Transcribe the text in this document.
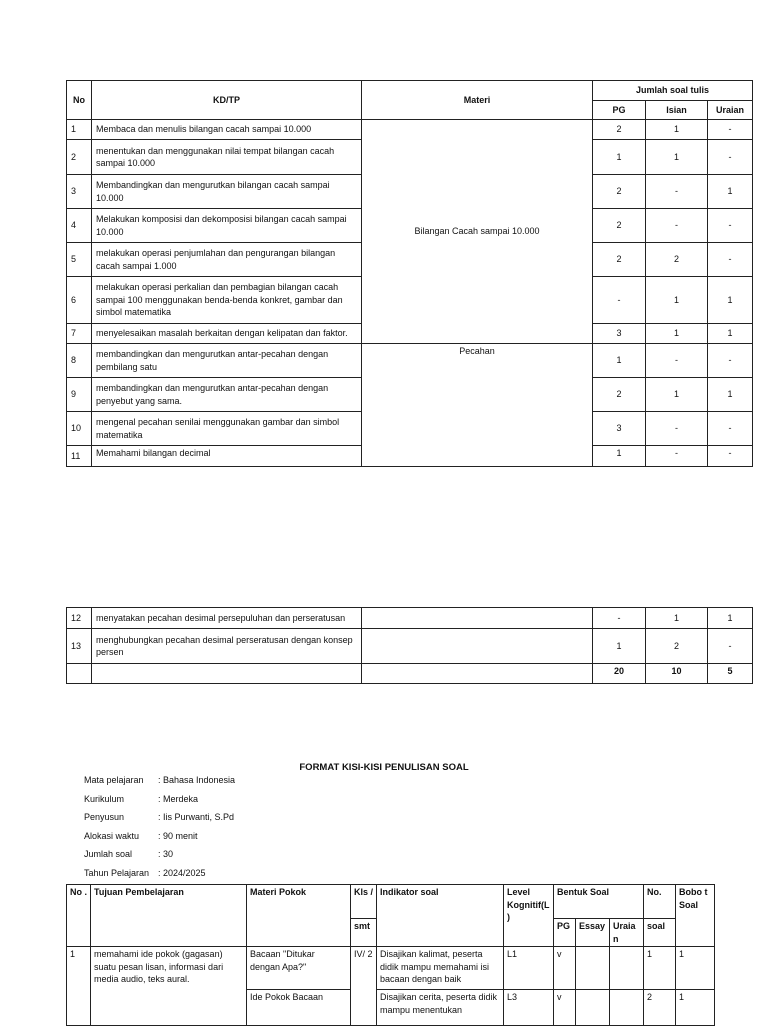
No	KD/TP	Materi	Jumlah soal tulis		
			PG	Isian	Uraian
1	Membaca dan menulis bilangan cacah sampai 10.000	Bilangan Cacah sampai 10.000	2	1	-
2	menentukan dan menggunakan nilai tempat bilangan cacah sampai 10.000		1	1	-
3	Membandingkan dan mengurutkan bilangan cacah sampai 10.000		2	-	1
4	Melakukan komposisi dan dekomposisi bilangan cacah sampai 10.000		2	-	-
5	melakukan operasi penjumlahan dan pengurangan bilangan cacah sampai 1.000		2	2	-
6	melakukan operasi perkalian dan pembagian bilangan cacah sampai 100 menggunakan benda-benda konkret, gambar dan simbol matematika		-	1	1
7	menyelesaikan masalah berkaitan dengan kelipatan dan faktor.		3	1	1
8	membandingkan dan mengurutkan antar-pecahan dengan pembilang satu	Pecahan	1	-	-
9	membandingkan dan mengurutkan antar-pecahan dengan penyebut yang sama.		2	1	1
10	mengenal pecahan senilai menggunakan gambar dan simbol matematika		3	-	-
11	Memahami bilangan decimal		1	-	-
12	menyatakan pecahan desimal persepuluhan dan perseratusan		-	1	1
13	menghubungkan pecahan desimal perseratusan dengan konsep persen		1	2	-
			20	10	5
FORMAT KISI-KISI PENULISAN SOAL
Mata pelajaran	: Bahasa Indonesia
Kurikulum	: Merdeka
Penyusun	: Iis Purwanti, S.Pd
Alokasi waktu	: 90 menit
Jumlah soal	: 30
Tahun Pelajaran : 2024/2025
No .	Tujuan Pembelajaran	Materi Pokok	Kls /	Indikator soal	Level Kognitif(L )	Bentuk Soal			No.	Bobo t Soal
			smt			PG	Essay	Uraia n	soal	
1	memahami ide pokok (gagasan) suatu pesan lisan, informasi dari media audio, teks aural.	Bacaan "Ditukar dengan Apa?"	IV/ 2	Disajikan kalimat, peserta didik mampu memahami isi bacaan dengan baik	L1	v			1	1
		Ide Pokok Bacaan		Disajikan cerita, peserta didik mampu menentukan	L3	v			2	1
